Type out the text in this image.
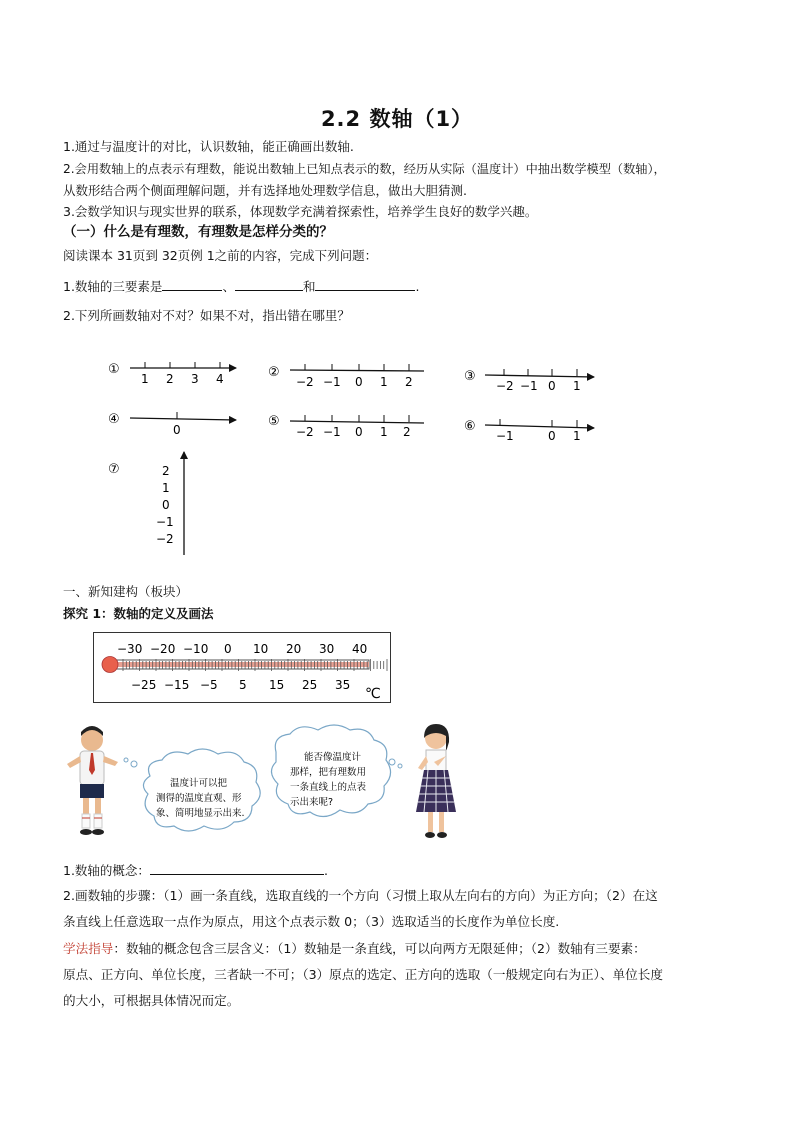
2.2 数轴（1）
1.通过与温度计的对比，认识数轴，能正确画出数轴.
2.会用数轴上的点表示有理数，能说出数轴上已知点表示的数，经历从实际（温度计）中抽出数学模型（数轴），
从数形结合两个侧面理解问题，并有选择地处理数学信息，做出大胆猜测.
3.会数学知识与现实世界的联系，体现数学充满着探索性，培养学生良好的数学兴趣。
（一）什么是有理数，有理数是怎样分类的？
阅读课本 31页到 32页例 1之前的内容，完成下列问题：
1.数轴的三要素是	、	和	.
2.下列所画数轴对不对？如果不对，指出错在哪里？
①
1 2 3 4	②
−2 −1 0 1 2	③
−2 −1 0 1
④
0
⑤
−2 −1 0 1 2	⑥
−1	0 1
⑦	2
1
0
−1
−2
一、新知建构（板块）
探究 1：数轴的定义及画法
−30 −20 −10 0 10 20 30 40
−25 −15 −5 5 15 25 35
℃
温度计可以把
测得的温度直观、形
象、简明地显示出来.
能否像温度计
那样，把有理数用
一条直线上的点表
示出来呢?
1.数轴的概念：	.
2.画数轴的步骤：（1）画一条直线，选取直线的一个方向（习惯上取从左向右的方向）为正方向；（2）在这
条直线上任意选取一点作为原点，用这个点表示数 0；（3）选取适当的长度作为单位长度.
学法指导：数轴的概念包含三层含义：（1）数轴是一条直线，可以向两方无限延伸；（2）数轴有三要素：
原点、正方向、单位长度，三者缺一不可；（3）原点的选定、正方向的选取（一般规定向右为正）、单位长度
的大小，可根据具体情况而定。
